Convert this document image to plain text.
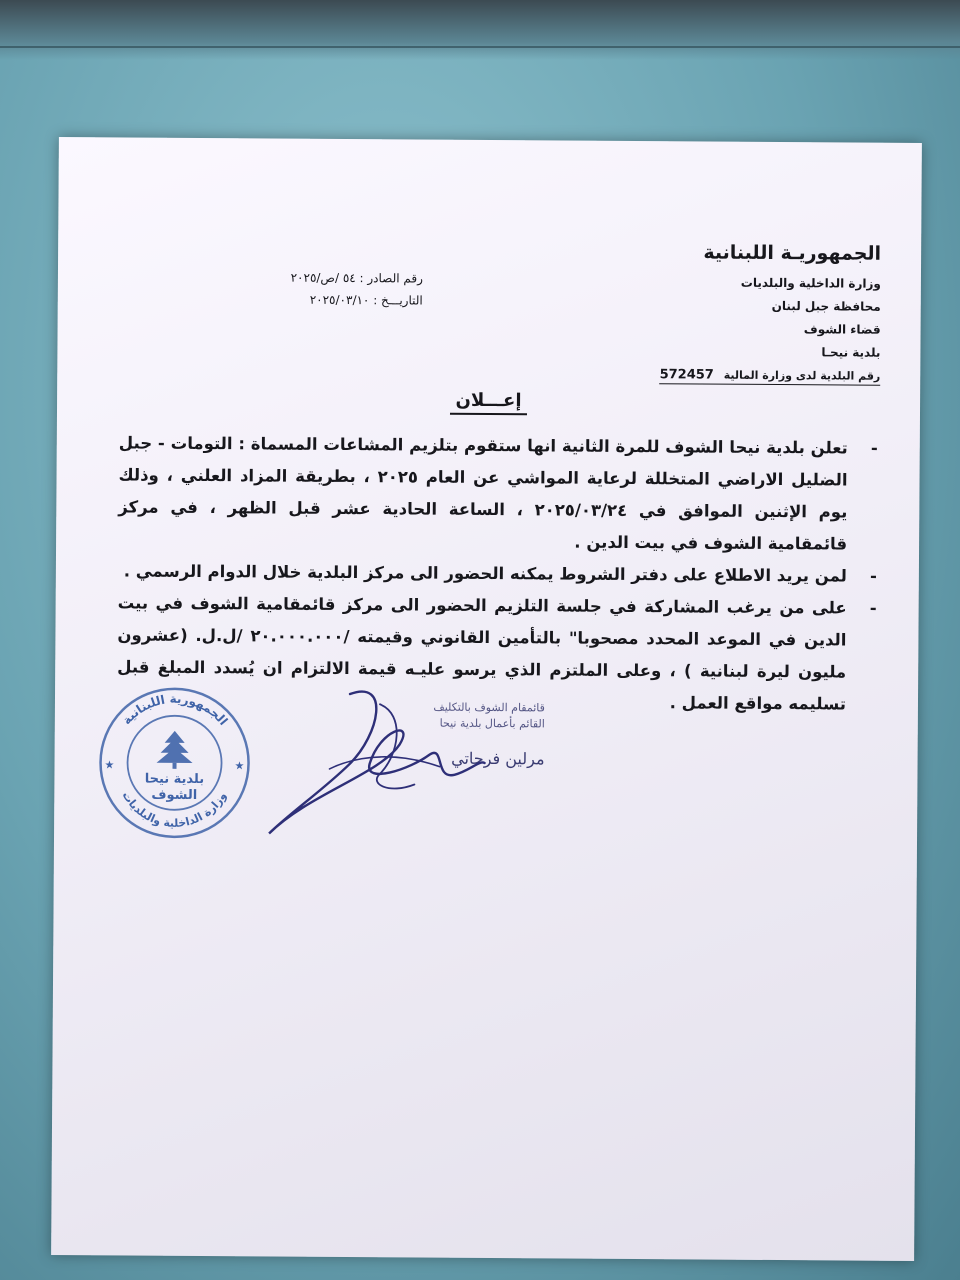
الجمهوريـة اللبنانية
وزارة الداخلية والبلديات
محافظة جبل لبنان
قضاء الشوف
بلدية نيحـا
رقم البلدية لدى وزارة المالية 572457
رقم الصادر : ٥٤ /ص/٢٠٢٥
التاريـــخ : ٢٠٢٥/٠٣/١٠
إعـــلان
-
تعلن بلدية نيحا الشوف للمرة الثانية انها ستقوم بتلزيم المشاعات المسماة : التومات - جبل الضليل الاراضي المتخللة لرعاية المواشي عن العام ٢٠٢٥ ، بطريقة المزاد العلني ، وذلك يوم الإثنين الموافق في ٢٠٢٥/٠٣/٢٤ ، الساعة الحادية عشر قبل الظهر ، في مركز قائمقامية الشوف في بيت الدين .
-
لمن يريد الاطلاع على دفتر الشروط يمكنه الحضور الى مركز البلدية خلال الدوام الرسمي .
-
على من يرغب المشاركة في جلسة التلزيم الحضور الى مركز قائمقامية الشوف في بيت الدين في الموعد المحدد مصحوبا" بالتأمين القانوني وقيمته /٢٠.٠٠٠.٠٠٠ /ل.ل. (عشرون مليون ليرة لبنانية ) ، وعلى الملتزم الذي يرسو عليـه قيمة الالتزام ان يُسدد المبلغ قبل تسليمه مواقع العمل .
قائمقام الشوف بالتكليف
القائم بأعمال بلدية نيحا
مرلين فرحاتي
الجمهورية اللبنانية
وزارة الداخلية والبلديات
بلدية نيحا
الشوف
★	★
